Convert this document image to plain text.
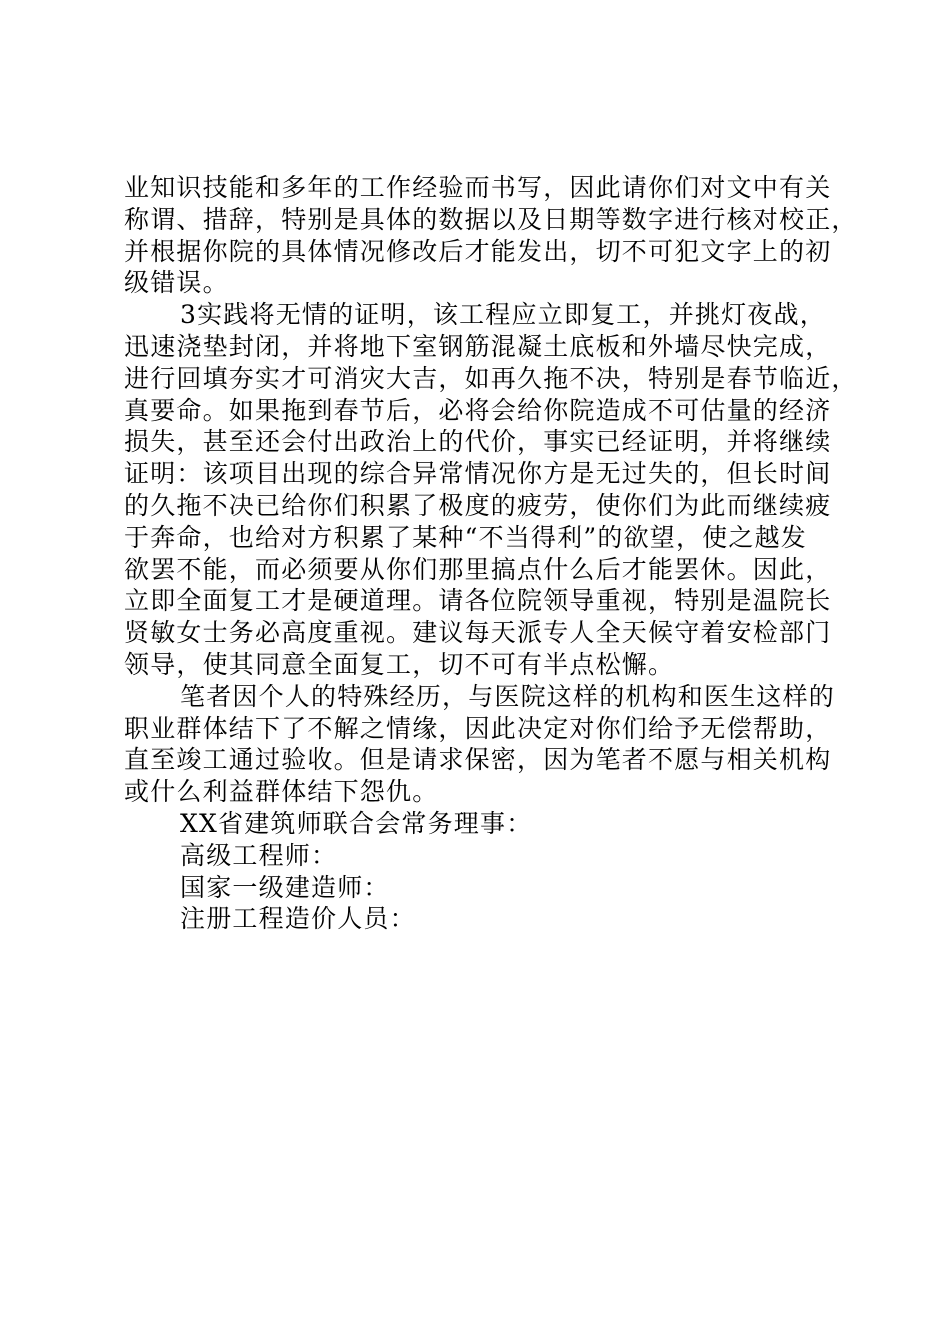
业知识技能和多年的工作经验而书写，因此请你们对文中有关
称谓、措辞，特别是具体的数据以及日期等数字进行核对校正，
并根据你院的具体情况修改后才能发出，切不可犯文字上的初
级错误。
3实践将无情的证明，该工程应立即复工，并挑灯夜战，
迅速浇垫封闭，并将地下室钢筋混凝土底板和外墙尽快完成，
进行回填夯实才可消灾大吉，如再久拖不决，特别是春节临近，
真要命。如果拖到春节后，必将会给你院造成不可估量的经济
损失，甚至还会付出政治上的代价，事实已经证明，并将继续
证明：该项目出现的综合异常情况你方是无过失的，但长时间
的久拖不决已给你们积累了极度的疲劳，使你们为此而继续疲
于奔命，也给对方积累了某种“不当得利”的欲望，使之越发
欲罢不能，而必须要从你们那里搞点什么后才能罢休。因此，
立即全面复工才是硬道理。请各位院领导重视，特别是温院长
贤敏女士务必高度重视。建议每天派专人全天候守着安检部门
领导，使其同意全面复工，切不可有半点松懈。
笔者因个人的特殊经历，与医院这样的机构和医生这样的
职业群体结下了不解之情缘，因此决定对你们给予无偿帮助，
直至竣工通过验收。但是请求保密，因为笔者不愿与相关机构
或什么利益群体结下怨仇。
XX省建筑师联合会常务理事：
高级工程师：
国家一级建造师：
注册工程造价人员：
